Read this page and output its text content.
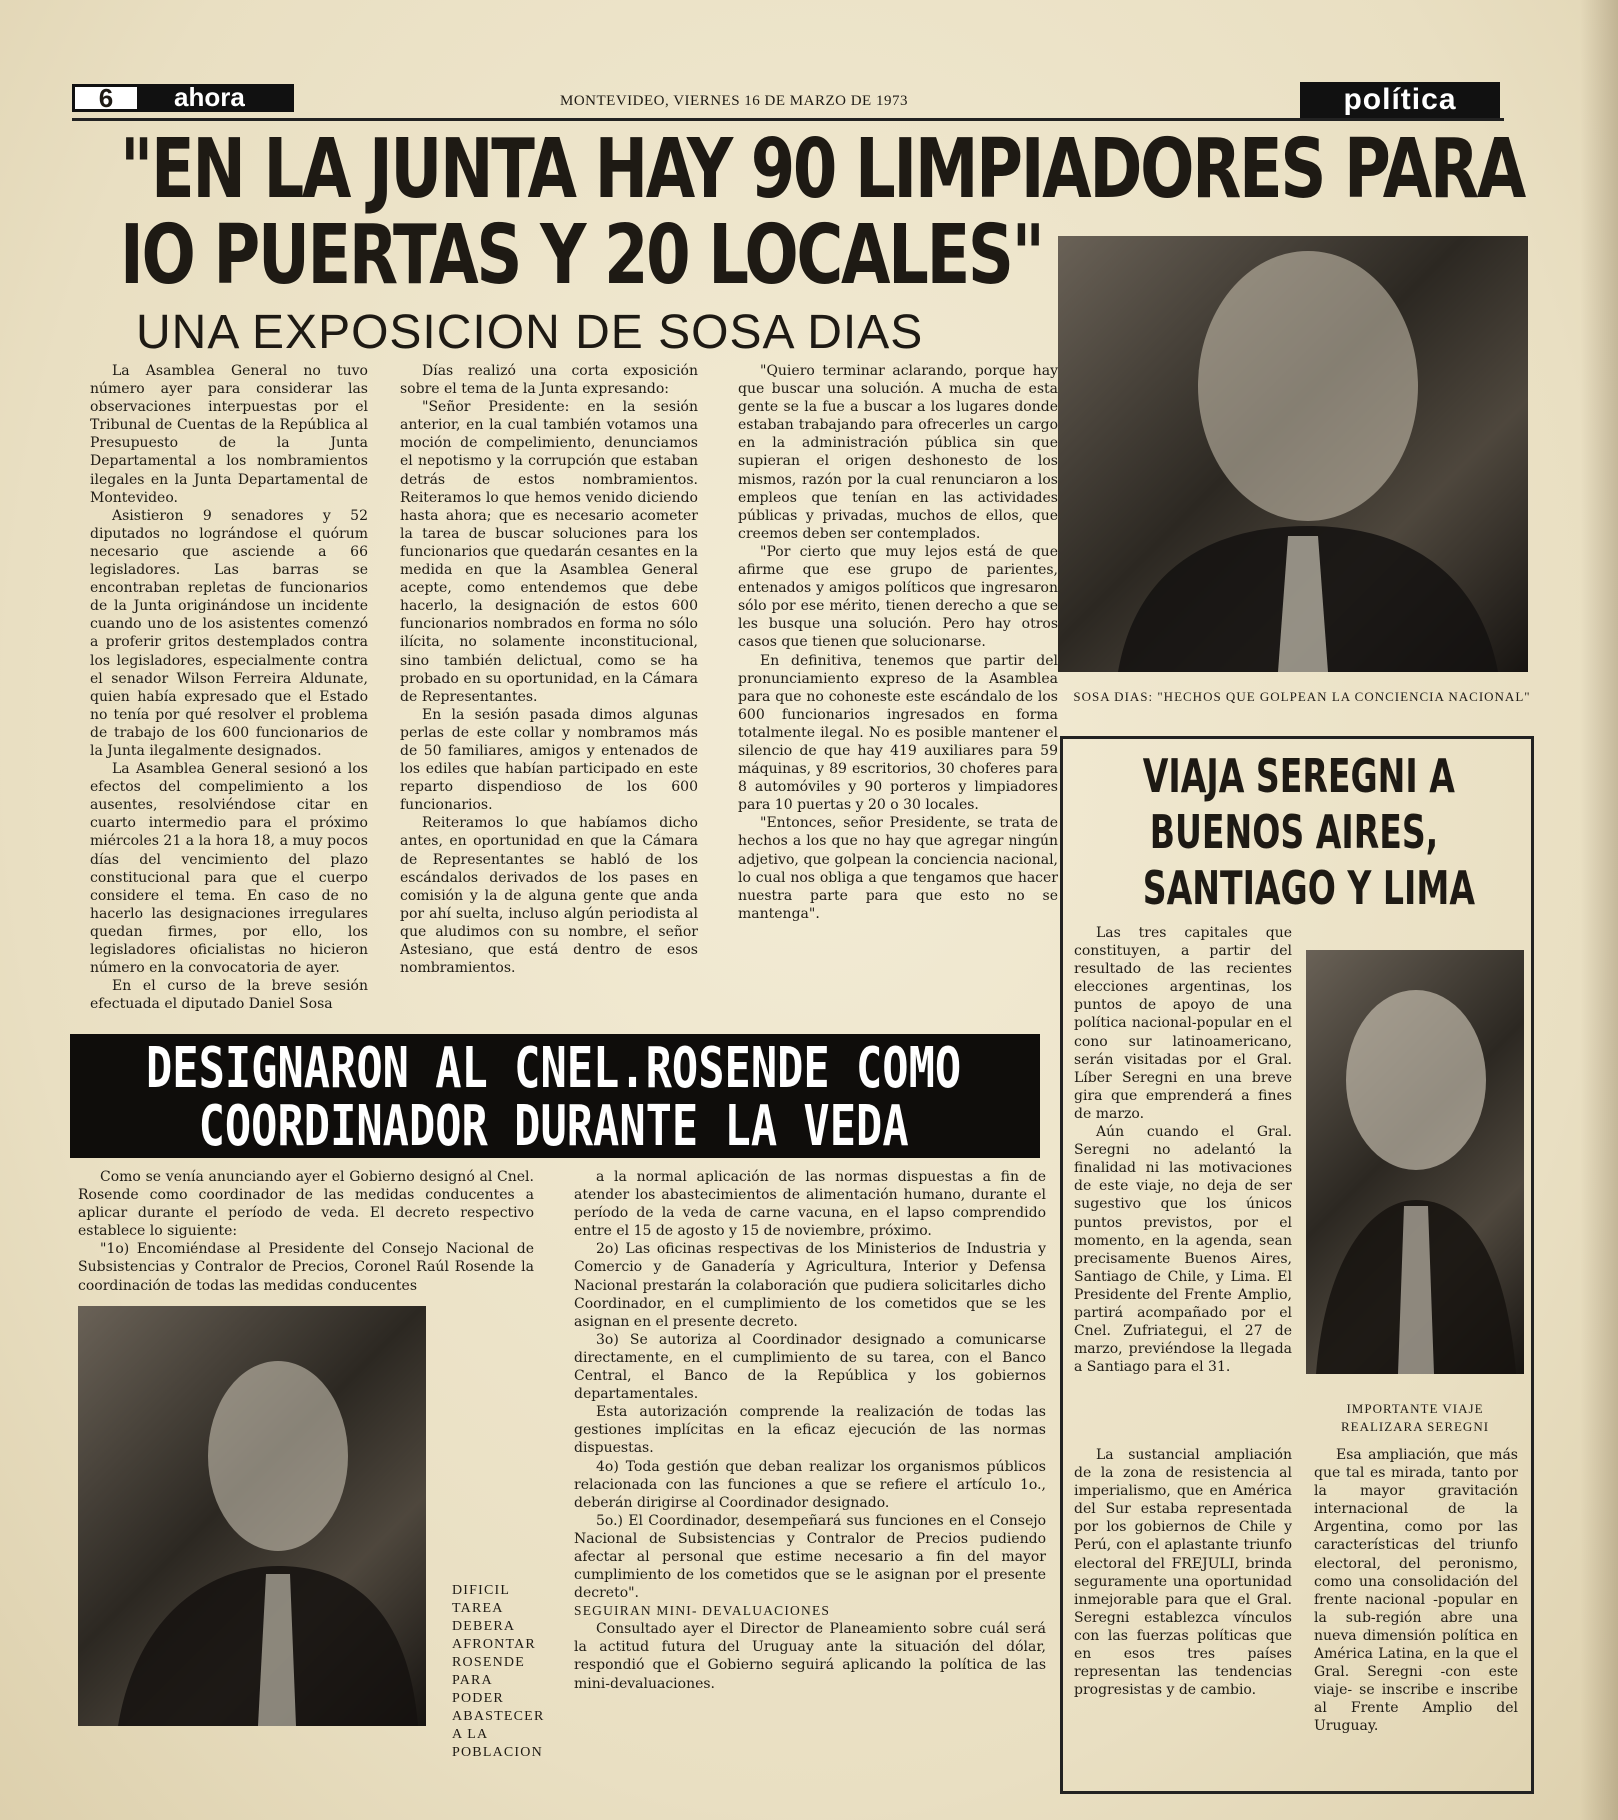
6	ahora	MONTEVIDEO, VIERNES 16 DE MARZO DE 1973	política
"EN LA JUNTA HAY 90 LIMPIADORES PARA
IO PUERTAS Y 20 LOCALES"
UNA EXPOSICION DE SOSA DIAS

La Asamblea General no tuvo número ayer para considerar las observaciones interpuestas por el Tribunal de Cuentas de la República al Presupuesto de la Junta Departamental a los nombramientos ilegales en la Junta Departamental de Montevideo.

Asistieron 9 senadores y 52 diputados no lográndose el quórum necesario que asciende a 66 legisladores. Las barras se encontraban repletas de funcionarios de la Junta originándose un incidente cuando uno de los asistentes comenzó a proferir gritos destemplados contra los legisladores, especialmente contra el senador Wilson Ferreira Aldunate, quien había expresado que el Estado no tenía por qué resolver el problema de trabajo de los 600 funcionarios de la Junta ilegalmente designados.

La Asamblea General sesionó a los efectos del compelimiento a los ausentes, resolviéndose citar en cuarto intermedio para el próximo miércoles 21 a la hora 18, a muy pocos días del vencimiento del plazo constitucional para que el cuerpo considere el tema. En caso de no hacerlo las designaciones irregulares quedan firmes, por ello, los legisladores oficialistas no hicieron número en la convocatoria de ayer.

En el curso de la breve sesión efectuada el diputado Daniel Sosa

Días realizó una corta exposición sobre el tema de la Junta expresando:

"Señor Presidente: en la sesión anterior, en la cual también votamos una moción de compelimiento, denunciamos el nepotismo y la corrupción que estaban detrás de estos nombramientos. Reiteramos lo que hemos venido diciendo hasta ahora; que es necesario acometer la tarea de buscar soluciones para los funcionarios que quedarán cesantes en la medida en que la Asamblea General acepte, como entendemos que debe hacerlo, la designación de estos 600 funcionarios nombrados en forma no sólo ilícita, no solamente inconstitucional, sino también delictual, como se ha probado en su oportunidad, en la Cámara de Representantes.

En la sesión pasada dimos algunas perlas de este collar y nombramos más de 50 familiares, amigos y entenados de los ediles que habían participado en este reparto dispendioso de los 600 funcionarios.

Reiteramos lo que habíamos dicho antes, en oportunidad en que la Cámara de Representantes se habló de los escándalos derivados de los pases en comisión y la de alguna gente que anda por ahí suelta, incluso algún periodista al que aludimos con su nombre, el señor Astesiano, que está dentro de esos nombramientos.

"Quiero terminar aclarando, porque hay que buscar una solución. A mucha de esta gente se la fue a buscar a los lugares donde estaban trabajando para ofrecerles un cargo en la administración pública sin que supieran el origen deshonesto de los mismos, razón por la cual renunciaron a los empleos que tenían en las actividades públicas y privadas, muchos de ellos, que creemos deben ser contemplados.

"Por cierto que muy lejos está de que afirme que ese grupo de parientes, entenados y amigos políticos que ingresaron sólo por ese mérito, tienen derecho a que se les busque una solución. Pero hay otros casos que tienen que solucionarse.

En definitiva, tenemos que partir del pronunciamiento expreso de la Asamblea para que no cohoneste este escándalo de los 600 funcionarios ingresados en forma totalmente ilegal. No es posible mantener el silencio de que hay 419 auxiliares para 59 máquinas, y 89 escritorios, 30 choferes para 8 automóviles y 90 porteros y limpiadores para 10 puertas y 20 o 30 locales.

"Entonces, señor Presidente, se trata de hechos a los que no hay que agregar ningún adjetivo, que golpean la conciencia nacional, lo cual nos obliga a que tengamos que hacer nuestra parte para que esto no se mantenga".

SOSA DIAS: "HECHOS QUE GOLPEAN LA CONCIENCIA NACIONAL"
VIAJA SEREGNI A
BUENOS AIRES,
SANTIAGO Y LIMA

Las tres capitales que constituyen, a partir del resultado de las recientes elecciones argentinas, los puntos de apoyo de una política nacional-popular en el cono sur latinoamericano, serán visitadas por el Gral. Líber Seregni en una breve gira que emprenderá a fines de marzo.

Aún cuando el Gral. Seregni no adelantó la finalidad ni las motivaciones de este viaje, no deja de ser sugestivo que los únicos puntos previstos, por el momento, en la agenda, sean precisamente Buenos Aires, Santiago de Chile, y Lima. El Presidente del Frente Amplio, partirá acompañado por el Cnel. Zufriategui, el 27 de marzo, previéndose la llegada a Santiago para el 31.

IMPORTANTE VIAJE REALIZARA SEREGNI

La sustancial ampliación de la zona de resistencia al imperialismo, que en América del Sur estaba representada por los gobiernos de Chile y Perú, con el aplastante triunfo electoral del FREJULI, brinda seguramente una oportunidad inmejorable para que el Gral. Seregni establezca vínculos con las fuerzas políticas que en esos tres países representan las tendencias progresistas y de cambio.

Esa ampliación, que más que tal es mirada, tanto por la mayor gravitación internacional de la Argentina, como por las características del triunfo electoral, del peronismo, como una consolidación del frente nacional -popular en la sub-región abre una nueva dimensión política en América Latina, en la que el Gral. Seregni -con este viaje- se inscribe e inscribe al Frente Amplio del Uruguay.

DESIGNARON AL CNEL.ROSENDE COMO
COORDINADOR DURANTE LA VEDA

Como se venía anunciando ayer el Gobierno designó al Cnel. Rosende como coordinador de las medidas conducentes a aplicar durante el período de veda. El decreto respectivo establece lo siguiente:

"1o) Encomiéndase al Presidente del Consejo Nacional de Subsistencias y Contralor de Precios, Coronel Raúl Rosende la coordinación de todas las medidas conducentes

DIFICIL
TAREA
DEBERA
AFRONTAR
ROSENDE
PARA
PODER
ABASTECER
A LA
POBLACION

a la normal aplicación de las normas dispuestas a fin de atender los abastecimientos de alimentación humano, durante el período de la veda de carne vacuna, en el lapso comprendido entre el 15 de agosto y 15 de noviembre, próximo.

2o) Las oficinas respectivas de los Ministerios de Industria y Comercio y de Ganadería y Agricultura, Interior y Defensa Nacional prestarán la colaboración que pudiera solicitarles dicho Coordinador, en el cumplimiento de los cometidos que se les asignan en el presente decreto.

3o) Se autoriza al Coordinador designado a comunicarse directamente, en el cumplimiento de su tarea, con el Banco Central, el Banco de la República y los gobiernos departamentales.

Esta autorización comprende la realización de todas las gestiones implícitas en la eficaz ejecución de las normas dispuestas.

4o) Toda gestión que deban realizar los organismos públicos relacionada con las funciones a que se refiere el artículo 1o., deberán dirigirse al Coordinador designado.

5o.) El Coordinador, desempeñará sus funciones en el Consejo Nacional de Subsistencias y Contralor de Precios pudiendo afectar al personal que estime necesario a fin del mayor cumplimiento de los cometidos que se le asignan por el presente decreto".

SEGUIRAN MINI- DEVALUACIONES

Consultado ayer el Director de Planeamiento sobre cuál será la actitud futura del Uruguay ante la situación del dólar, respondió que el Gobierno seguirá aplicando la política de las mini-devaluaciones.
